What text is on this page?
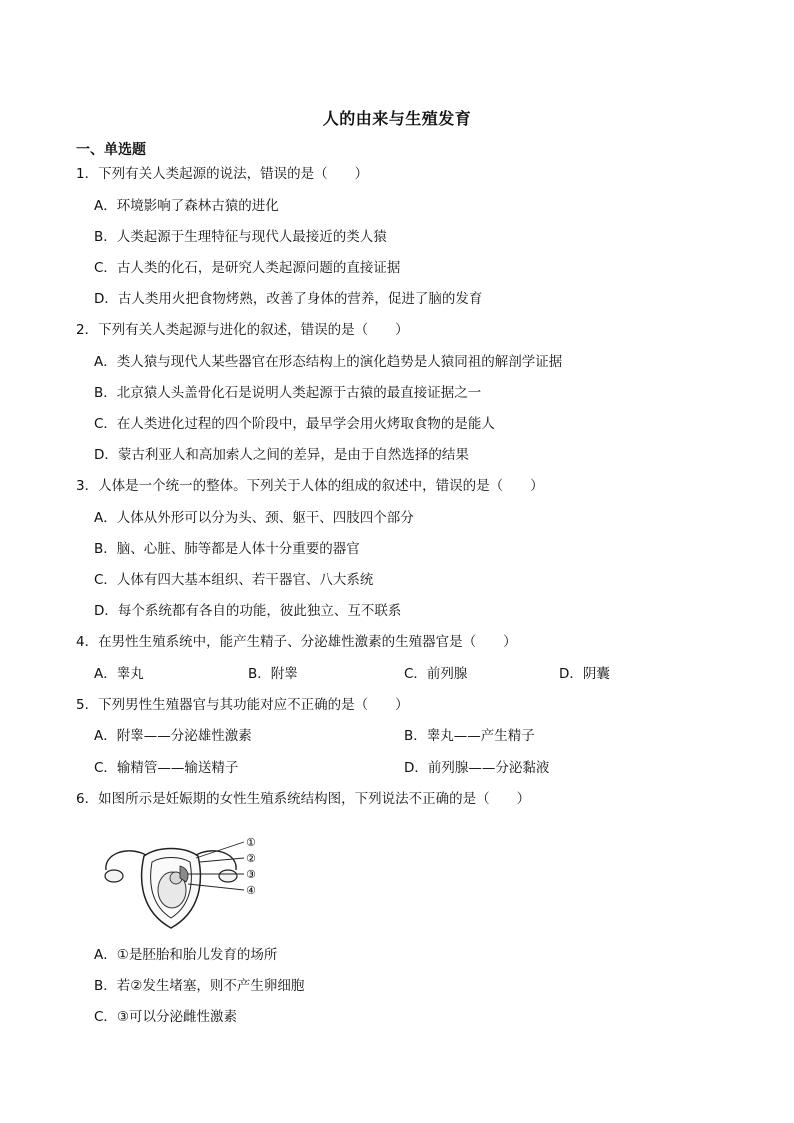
人的由来与生殖发育
一、单选题
1．下列有关人类起源的说法，错误的是（　　）
A．环境影响了森林古猿的进化
B．人类起源于生理特征与现代人最接近的类人猿
C．古人类的化石，是研究人类起源问题的直接证据
D．古人类用火把食物烤熟，改善了身体的营养，促进了脑的发育
2．下列有关人类起源与进化的叙述，错误的是（　　）
A．类人猿与现代人某些器官在形态结构上的演化趋势是人猿同祖的解剖学证据
B．北京猿人头盖骨化石是说明人类起源于古猿的最直接证据之一
C．在人类进化过程的四个阶段中，最早学会用火烤取食物的是能人
D．蒙古利亚人和高加索人之间的差异，是由于自然选择的结果
3．人体是一个统一的整体。下列关于人体的组成的叙述中，错误的是（　　）
A．人体从外形可以分为头、颈、躯干、四肢四个部分
B．脑、心脏、肺等都是人体十分重要的器官
C．人体有四大基本组织、若干器官、八大系统
D．每个系统都有各自的功能，彼此独立、互不联系
4．在男性生殖系统中，能产生精子、分泌雄性激素的生殖器官是（　　）
A．睾丸	B．附睾	C．前列腺	D．阴囊
5．下列男性生殖器官与其功能对应不正确的是（　　）
A．附睾——分泌雄性激素	B．睾丸——产生精子
C．输精管——输送精子	D．前列腺——分泌黏液
6．如图所示是妊娠期的女性生殖系统结构图，下列说法不正确的是（　　）
①
②
③
④
A．①是胚胎和胎儿发育的场所
B．若②发生堵塞，则不产生卵细胞
C．③可以分泌雌性激素
